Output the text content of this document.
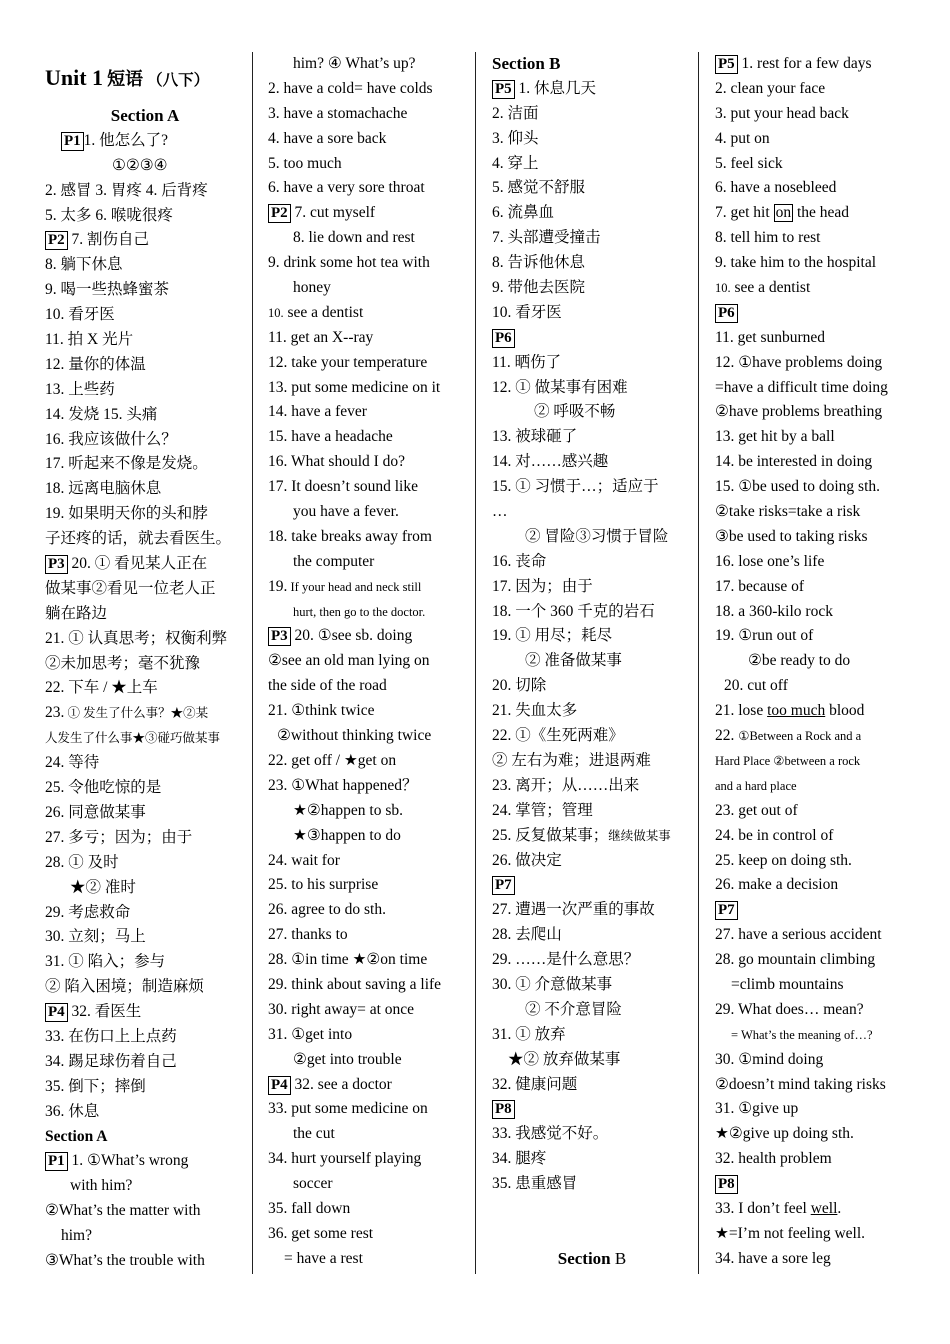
Unit 1 短语 （八下）
Section A
P1 1. 他怎么了?
①②③④
2. 感冒 3. 胃疼 4. 后背疼
5. 太多 6. 喉咙很疼
P2 7. 割伤自己
8. 躺下休息
9. 喝一些热蜂蜜茶
10. 看牙医
11. 拍 X 光片
12. 量你的体温
13. 上些药
14. 发烧 15. 头痛
16. 我应该做什么？
17. 听起来不像是发烧。
18. 远离电脑休息
19. 如果明天你的头和脖
子还疼的话，就去看医生。
P3 20. ① 看见某人正在
做某事②看见一位老人正
躺在路边
21. ① 认真思考；权衡利弊
②未加思考；毫不犹豫
22. 下车 / ★上车
23. ① 发生了什么事？★②某
人发生了什么事★③碰巧做某事
24. 等待
25. 令他吃惊的是
26. 同意做某事
27. 多亏；因为；由于
28. ① 及时
★② 准时
29. 考虑救命
30. 立刻；马上
31. ① 陷入；参与
② 陷入困境；制造麻烦
P4 32. 看医生
33. 在伤口上上点药
34. 踢足球伤着自己
35. 倒下；摔倒
36. 休息
Section A
P1 1. ①What’s wrong
with him?
②What’s the matter with
him?
③What’s the trouble with
him? ④ What’s up?
2. have a cold= have colds
3. have a stomachache
4. have a sore back
5. too much
6. have a very sore throat
P2 7. cut myself
8. lie down and rest
9. drink some hot tea with
honey
10. see a dentist
11. get an X--ray
12. take your temperature
13. put some medicine on it
14. have a fever
15. have a headache
16. What should I do?
17. It doesn’t sound like
you have a fever.
18. take breaks away from
the computer
19. If your head and neck still
hurt, then go to the doctor.
P3 20. ①see sb. doing
②see an old man lying on
the side of the road
21. ①think twice
②without thinking twice
22. get off / ★get on
23. ①What happened？
★②happen to sb.
★③happen to do
24. wait for
25. to his surprise
26. agree to do sth.
27. thanks to
28. ①in time ★②on time
29. think about saving a life
30. right away= at once
31. ①get into
②get into trouble
P4 32. see a doctor
33. put some medicine on
the cut
34. hurt yourself playing
soccer
35. fall down
36. get some rest
= have a rest
Section B
P5 1. 休息几天
2. 洁面
3. 仰头
4. 穿上
5. 感觉不舒服
6. 流鼻血
7. 头部遭受撞击
8. 告诉他休息
9. 带他去医院
10. 看牙医
P6
11. 晒伤了
12. ① 做某事有困难
② 呼吸不畅
13. 被球砸了
14. 对……感兴趣
15. ① 习惯于…；适应于
…
② 冒险③习惯于冒险
16. 丧命
17. 因为；由于
18. 一个 360 千克的岩石
19. ① 用尽；耗尽
② 准备做某事
20. 切除
21. 失血太多
22. ①《生死两难》
② 左右为难；进退两难
23. 离开；从……出来
24. 掌管；管理
25. 反复做某事；继续做某事
26. 做决定
P7
27. 遭遇一次严重的事故
28. 去爬山
29. ……是什么意思？
30. ① 介意做某事
② 不介意冒险
31. ① 放弃
★② 放弃做某事
32. 健康问题
P8
33. 我感觉不好。
34. 腿疼
35. 患重感冒
Section B
P5 1. rest for a few days
2. clean your face
3. put your head back
4. put on
5. feel sick
6. have a nosebleed
7. get hit on the head
8. tell him to rest
9. take him to the hospital
10. see a dentist
P6
11. get sunburned
12. ①have problems doing
=have a difficult time doing
②have problems breathing
13. get hit by a ball
14. be interested in doing
15. ①be used to doing sth.
②take risks=take a risk
③be used to taking risks
16. lose one’s life
17. because of
18. a 360-kilo rock
19. ①run out of
②be ready to do
20. cut off
21. lose too much blood
22. ①Between a Rock and a
Hard Place ②between a rock
and a hard place
23. get out of
24. be in control of
25. keep on doing sth.
26. make a decision
P7
27. have a serious accident
28. go mountain climbing
=climb mountains
29. What does… mean?
= What’s the meaning of…?
30. ①mind doing
②doesn’t mind taking risks
31. ①give up
★②give up doing sth.
32. health problem
P8
33. I don’t feel well.
★=I’m not feeling well.
34. have a sore leg
